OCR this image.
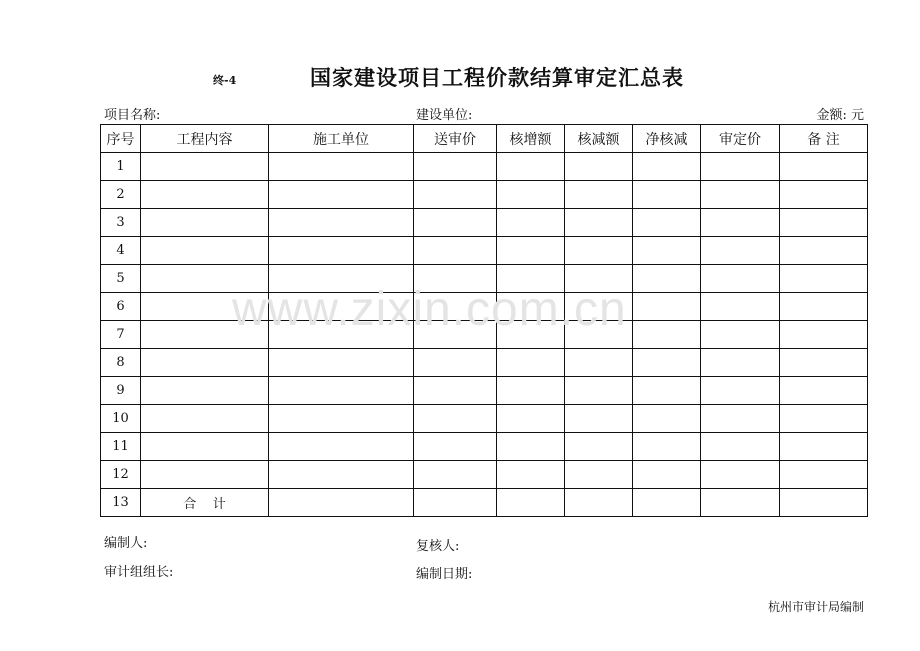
终-4	国家建设项目工程价款结算审定汇总表
项目名称:	建设单位:	金额: 元
序号	工程内容	施工单位	送审价	核增额	核减额	净核减	审定价	备 注
1								
2								
3								
4								
5								
6								
7								
8								
9								
10								
11								
12								
13	合    计							
www.zixin.com.cn
编制人:	复核人:
审计组组长:	编制日期:
杭州市审计局编制
